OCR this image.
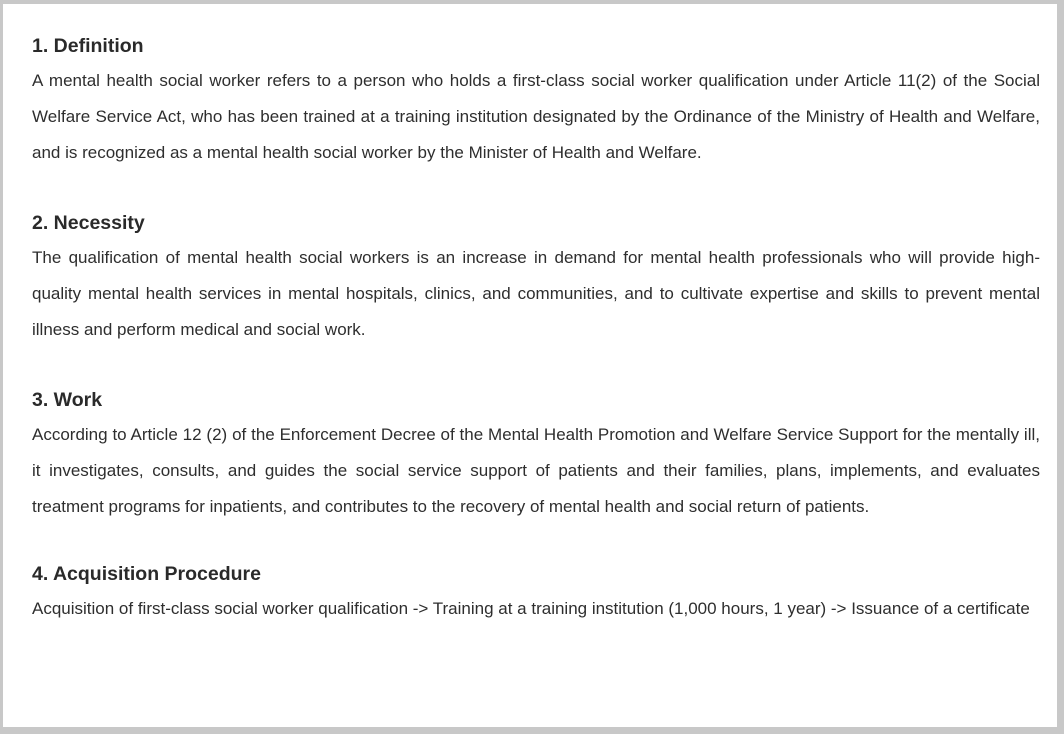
1. Definition

A mental health social worker refers to a person who holds a first-class social worker qualification under Article 11(2) of the Social Welfare Service Act, who has been trained at a training institution designated by the Ordinance of the Ministry of Health and Welfare, and is recognized as a mental health social worker by the Minister of Health and Welfare.

2. Necessity

The qualification of mental health social workers is an increase in demand for mental health professionals who will provide high-quality mental health services in mental hospitals, clinics, and communities, and to cultivate expertise and skills to prevent mental illness and perform medical and social work.

3. Work

According to Article 12 (2) of the Enforcement Decree of the Mental Health Promotion and Welfare Service Support for the mentally ill, it investigates, consults, and guides the social service support of patients and their families, plans, implements, and evaluates treatment programs for inpatients, and contributes to the recovery of mental health and social return of patients.

4. Acquisition Procedure

Acquisition of first-class social worker qualification -> Training at a training institution (1,000 hours, 1 year) -> Issuance of a certificate
